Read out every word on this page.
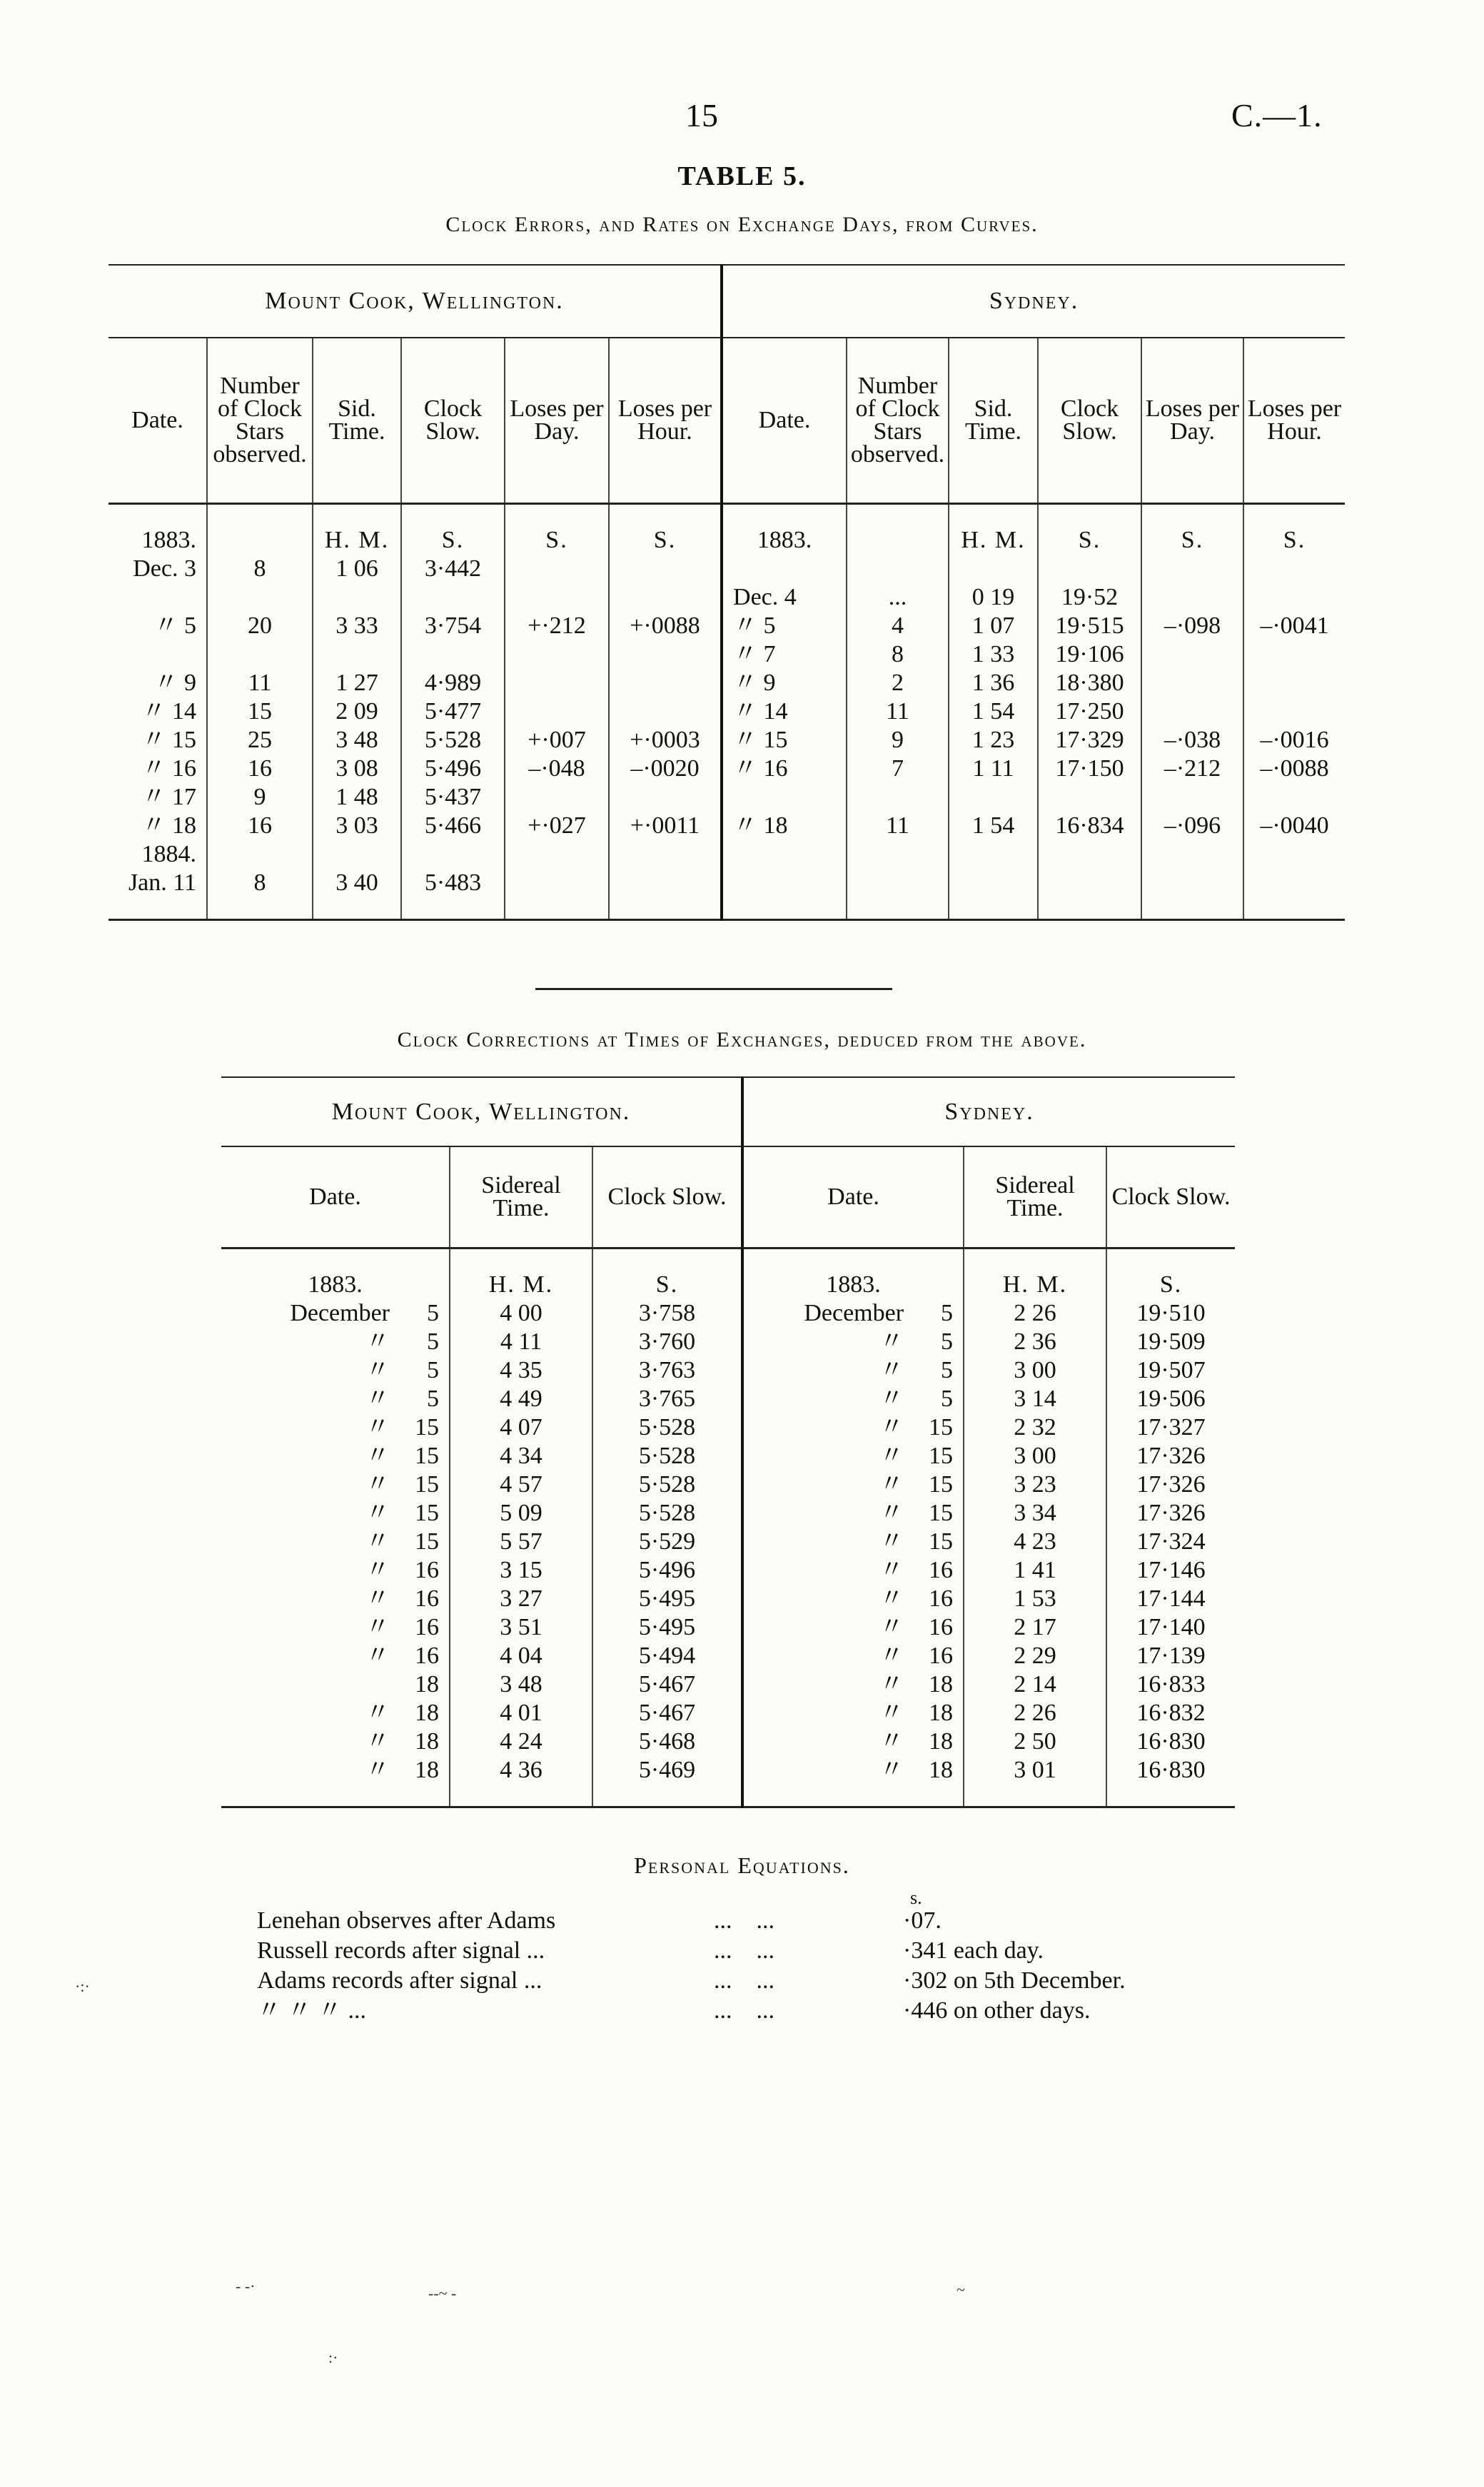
15	C.—1.
TABLE 5.
Clock Errors, and Rates on Exchange Days, from Curves.
Mount Cook, Wellington.						Sydney.					
Date.	Number of Clock Stars observed.	Sid. Time.	Clock Slow.	Loses per Day.	Loses per Hour.	Date.	Number of Clock Stars observed.	Sid. Time.	Clock Slow.	Loses per Day.	Loses per Hour.

1883.		H. M.	S.	S.	S.	1883.		H. M.	S.	S.	S.
Dec. 3	8	1 06	3·442								
						Dec. 4	...	0 19	19·52		
〃 5	20	3 33	3·754	+·212	+·0088	〃 5	4	1 07	19·515	–·098	–·0041
						〃 7	8	1 33	19·106		
〃 9	11	1 27	4·989			〃 9	2	1 36	18·380		
〃 14	15	2 09	5·477			〃 14	11	1 54	17·250		
〃 15	25	3 48	5·528	+·007	+·0003	〃 15	9	1 23	17·329	–·038	–·0016
〃 16	16	3 08	5·496	–·048	–·0020	〃 16	7	1 11	17·150	–·212	–·0088
〃 17	9	1 48	5·437								
〃 18	16	3 03	5·466	+·027	+·0011	〃 18	11	1 54	16·834	–·096	–·0040
1884.											
Jan. 11	8	3 40	5·483								

Clock Corrections at Times of Exchanges, deduced from the above.
Mount Cook, Wellington.				Sydney.			
Date.		Sidereal Time.	Clock Slow.	Date.		Sidereal Time.	Clock Slow.

1883.		H. M.	S.	1883.		H. M.	S.
December	5	4 00	3·758	December	5	2 26	19·510
〃	5	4 11	3·760	〃	5	2 36	19·509
〃	5	4 35	3·763	〃	5	3 00	19·507
〃	5	4 49	3·765	〃	5	3 14	19·506
〃	15	4 07	5·528	〃	15	2 32	17·327
〃	15	4 34	5·528	〃	15	3 00	17·326
〃	15	4 57	5·528	〃	15	3 23	17·326
〃	15	5 09	5·528	〃	15	3 34	17·326
〃	15	5 57	5·529	〃	15	4 23	17·324
〃	16	3 15	5·496	〃	16	1 41	17·146
〃	16	3 27	5·495	〃	16	1 53	17·144
〃	16	3 51	5·495	〃	16	2 17	17·140
〃	16	4 04	5·494	〃	16	2 29	17·139
	18	3 48	5·467	〃	18	2 14	16·833
〃	18	4 01	5·467	〃	18	2 26	16·832
〃	18	4 24	5·468	〃	18	2 50	16·830
〃	18	4 36	5·469	〃	18	3 01	16·830

Personal Equations.
s.
Lenehan observes after Adams	...    ...	·07.
Russell records after signal ...	...    ...	·341 each day.
Adams records after signal ...	...    ...	·302 on 5th December.
〃 〃 〃 ...	...    ...	·446 on other days.
·:·
- -·	-‐~ -
:·
~
